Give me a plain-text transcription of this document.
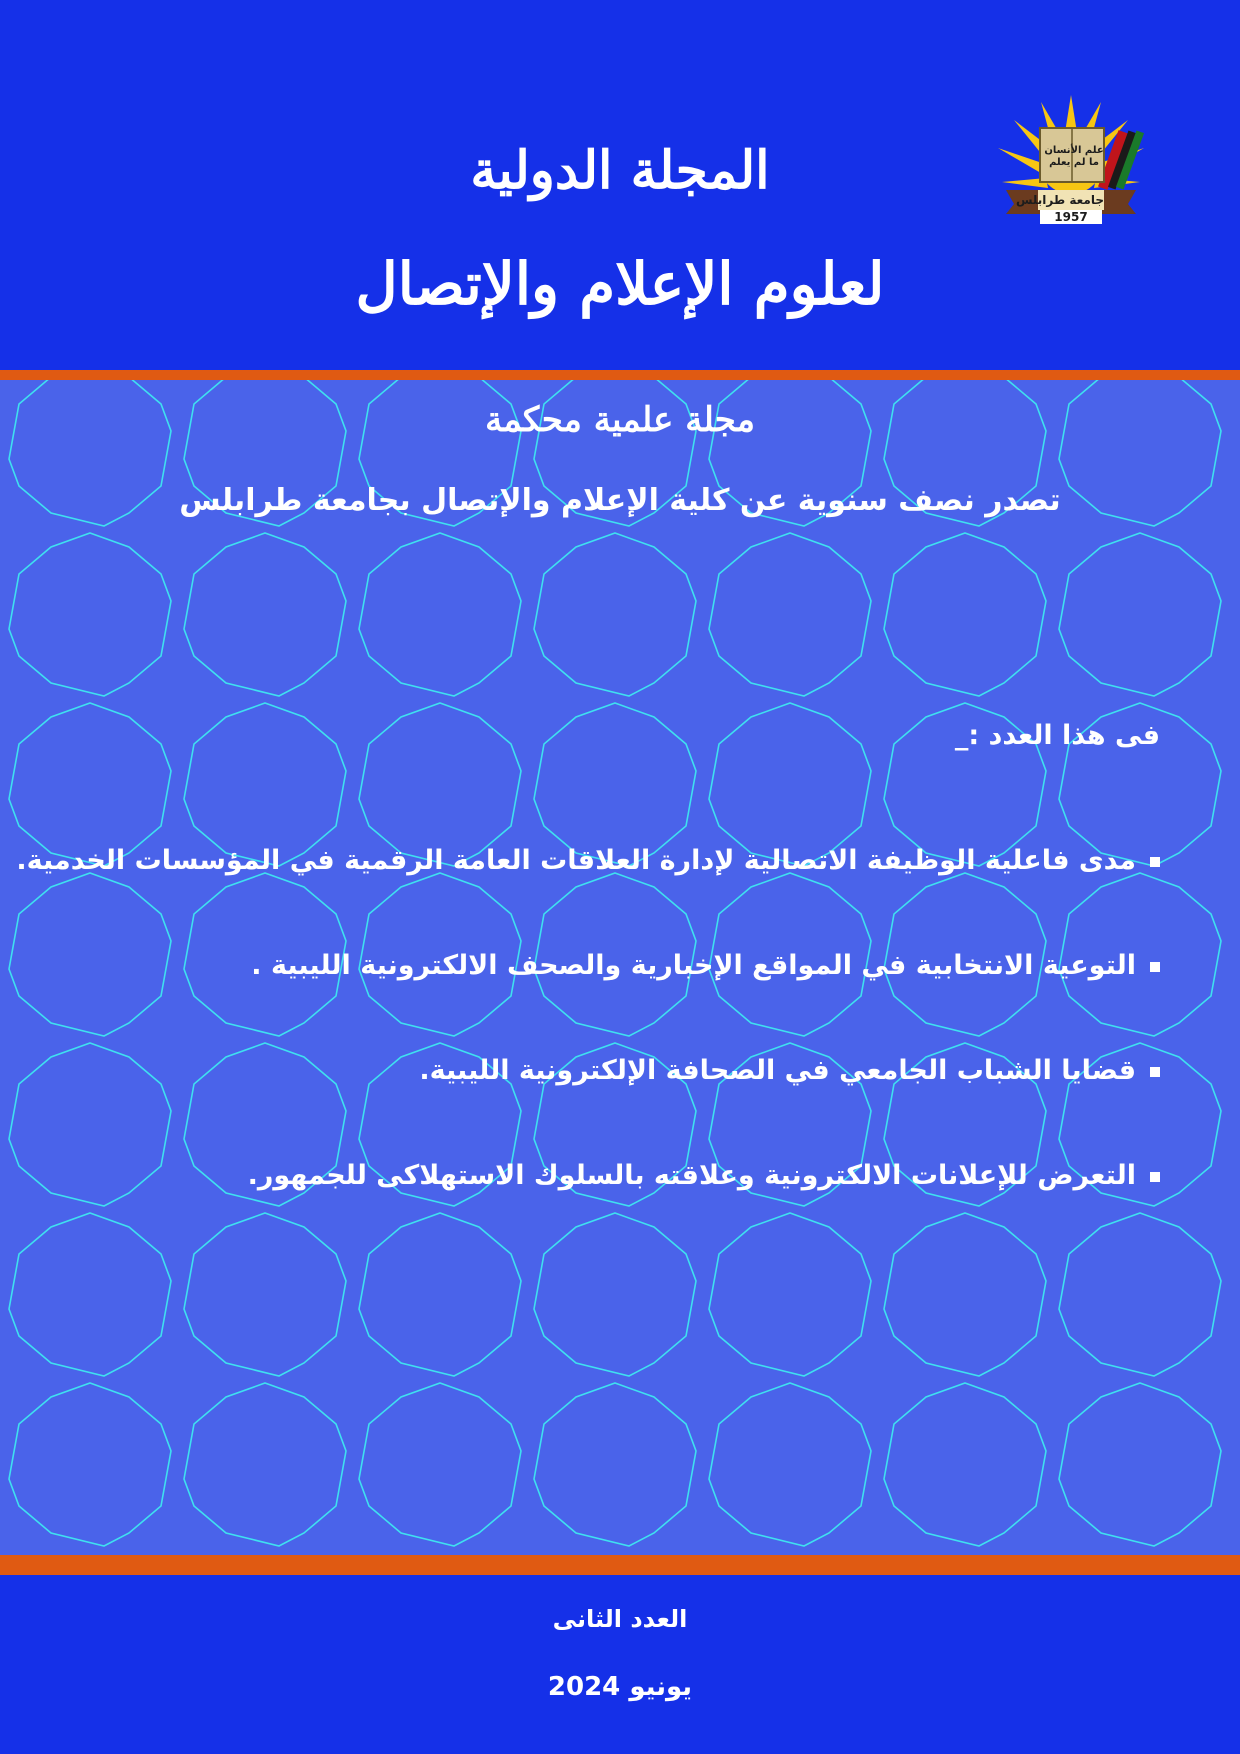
المجلة الدولية
لعلوم الإعلام والإتصال
علم الأنسان ما لم يعلم
جامعة طرابلس
1957
مجلة علمية محكمة
تصدر نصف سنوية عن كلية الإعلام والإتصال بجامعة طرابلس
فى هذا العدد :_
مدى فاعلية الوظيفة الاتصالية لإدارة العلاقات العامة الرقمية في المؤسسات الخدمية.
التوعية الانتخابية في المواقع الإخبارية والصحف الالكترونية الليبية .
قضايا الشباب الجامعي في الصحافة الإلكترونية الليبية.
التعرض للإعلانات الالكترونية وعلاقته بالسلوك الاستهلاكى للجمهور.
العدد الثانى
يونيو 2024
